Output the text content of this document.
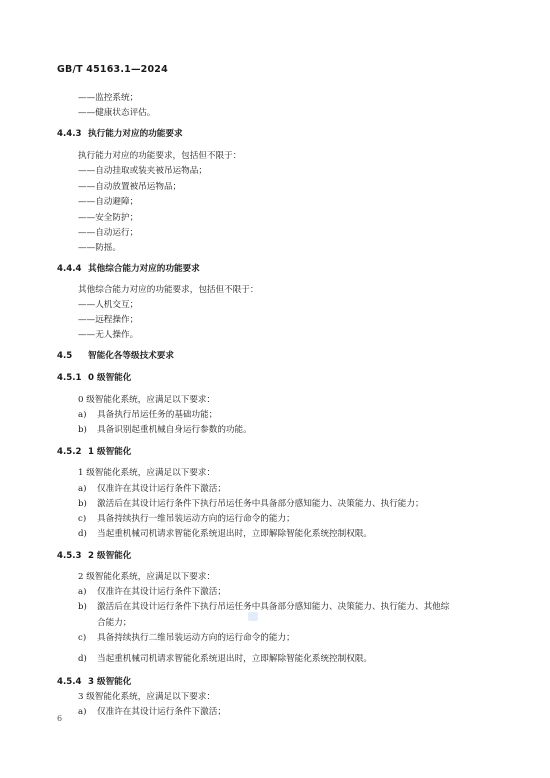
GB/T 45163.1—2024
——监控系统；
——健康状态评估。
4.4.3 执行能力对应的功能要求
执行能力对应的功能要求，包括但不限于：
——自动挂取或装夹被吊运物品；
——自动放置被吊运物品；
——自动避障；
——安全防护；
——自动运行；
——防摇。
4.4.4 其他综合能力对应的功能要求
其他综合能力对应的功能要求，包括但不限于：
——人机交互；
——远程操作；
——无人操作。
4.5 智能化各等级技术要求
4.5.1 0 级智能化
0 级智能化系统，应满足以下要求：
a) 具备执行吊运任务的基础功能；
b) 具备识别起重机械自身运行参数的功能。
4.5.2 1 级智能化
1 级智能化系统，应满足以下要求：
a) 仅准许在其设计运行条件下激活；
b) 激活后在其设计运行条件下执行吊运任务中具备部分感知能力、决策能力、执行能力；
c) 具备持续执行一维吊装运动方向的运行命令的能力；
d) 当起重机械司机请求智能化系统退出时，立即解除智能化系统控制权限。
4.5.3 2 级智能化
2 级智能化系统，应满足以下要求：
a) 仅准许在其设计运行条件下激活；
b) 激活后在其设计运行条件下执行吊运任务中具备部分感知能力、决策能力、执行能力、其他综
合能力；
c) 具备持续执行二维吊装运动方向的运行命令的能力；
d) 当起重机械司机请求智能化系统退出时，立即解除智能化系统控制权限。
4.5.4 3 级智能化
3 级智能化系统，应满足以下要求：
a) 仅准许在其设计运行条件下激活；
6
